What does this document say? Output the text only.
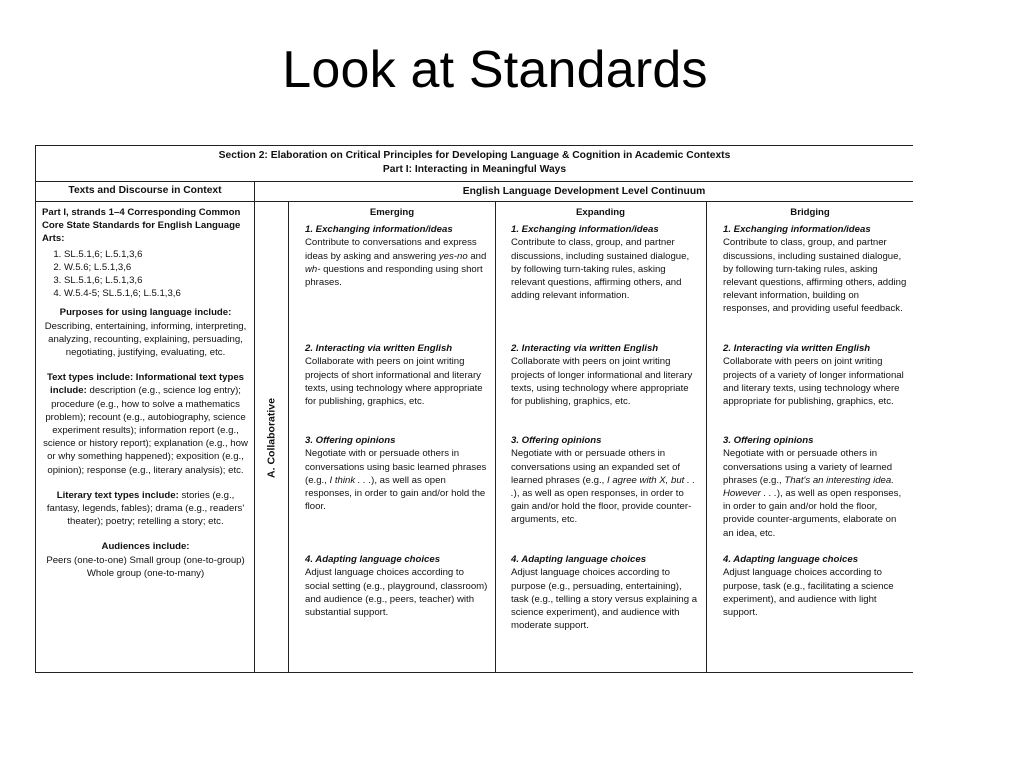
Look at Standards
Section 2: Elaboration on Critical Principles for Developing Language & Cognition in Academic Contexts
Part I: Interacting in Meaningful Ways
Texts and Discourse in Context	English Language Development Level Continuum
Part I, strands 1–4 Corresponding Common Core State Standards for English Language Arts:
1. SL.5.1,6; L.5.1,3,6
2. W.5.6; L.5.1,3,6
3. SL.5.1,6; L.5.1,3,6
4. W.5.4-5; SL.5.1,6; L.5.1,3,6
Purposes for using language include: Describing, entertaining, informing, interpreting, analyzing, recounting, explaining, persuading, negotiating, justifying, evaluating, etc.
Text types include: Informational text types include: description (e.g., science log entry); procedure (e.g., how to solve a mathematics problem); recount (e.g., autobiography, science experiment results); information report (e.g., science or history report); explanation (e.g., how or why something happened); exposition (e.g., opinion); response (e.g., literary analysis); etc.
Literary text types include: stories (e.g., fantasy, legends, fables); drama (e.g., readers' theater); poetry; retelling a story; etc.
Audiences include:
Peers (one-to-one) Small group (one-to-group) Whole group (one-to-many)
A. Collaborative
Emerging
1. Exchanging information/ideas
Contribute to conversations and express ideas by asking and answering yes-no and wh- questions and responding using short phrases.
2. Interacting via written English
Collaborate with peers on joint writing projects of short informational and literary texts, using technology where appropriate for publishing, graphics, etc.
3. Offering opinions
Negotiate with or persuade others in conversations using basic learned phrases (e.g., I think . . .), as well as open responses, in order to gain and/or hold the floor.
4. Adapting language choices
Adjust language choices according to social setting (e.g., playground, classroom) and audience (e.g., peers, teacher) with substantial support.
Expanding
1. Exchanging information/ideas
Contribute to class, group, and partner discussions, including sustained dialogue, by following turn-taking rules, asking relevant questions, affirming others, and adding relevant information.
2. Interacting via written English
Collaborate with peers on joint writing projects of longer informational and literary texts, using technology where appropriate for publishing, graphics, etc.
3. Offering opinions
Negotiate with or persuade others in conversations using an expanded set of learned phrases (e.g., I agree with X, but . . .), as well as open responses, in order to gain and/or hold the floor, provide counter-arguments, etc.
4. Adapting language choices
Adjust language choices according to purpose (e.g., persuading, entertaining), task (e.g., telling a story versus explaining a science experiment), and audience with moderate support.
Bridging
1. Exchanging information/ideas
Contribute to class, group, and partner discussions, including sustained dialogue, by following turn-taking rules, asking relevant questions, affirming others, adding relevant information, building on responses, and providing useful feedback.
2. Interacting via written English
Collaborate with peers on joint writing projects of a variety of longer informational and literary texts, using technology where appropriate for publishing, graphics, etc.
3. Offering opinions
Negotiate with or persuade others in conversations using a variety of learned phrases (e.g., That's an interesting idea. However . . .), as well as open responses, in order to gain and/or hold the floor, provide counter-arguments, elaborate on an idea, etc.
4. Adapting language choices
Adjust language choices according to purpose, task (e.g., facilitating a science experiment), and audience with light support.
